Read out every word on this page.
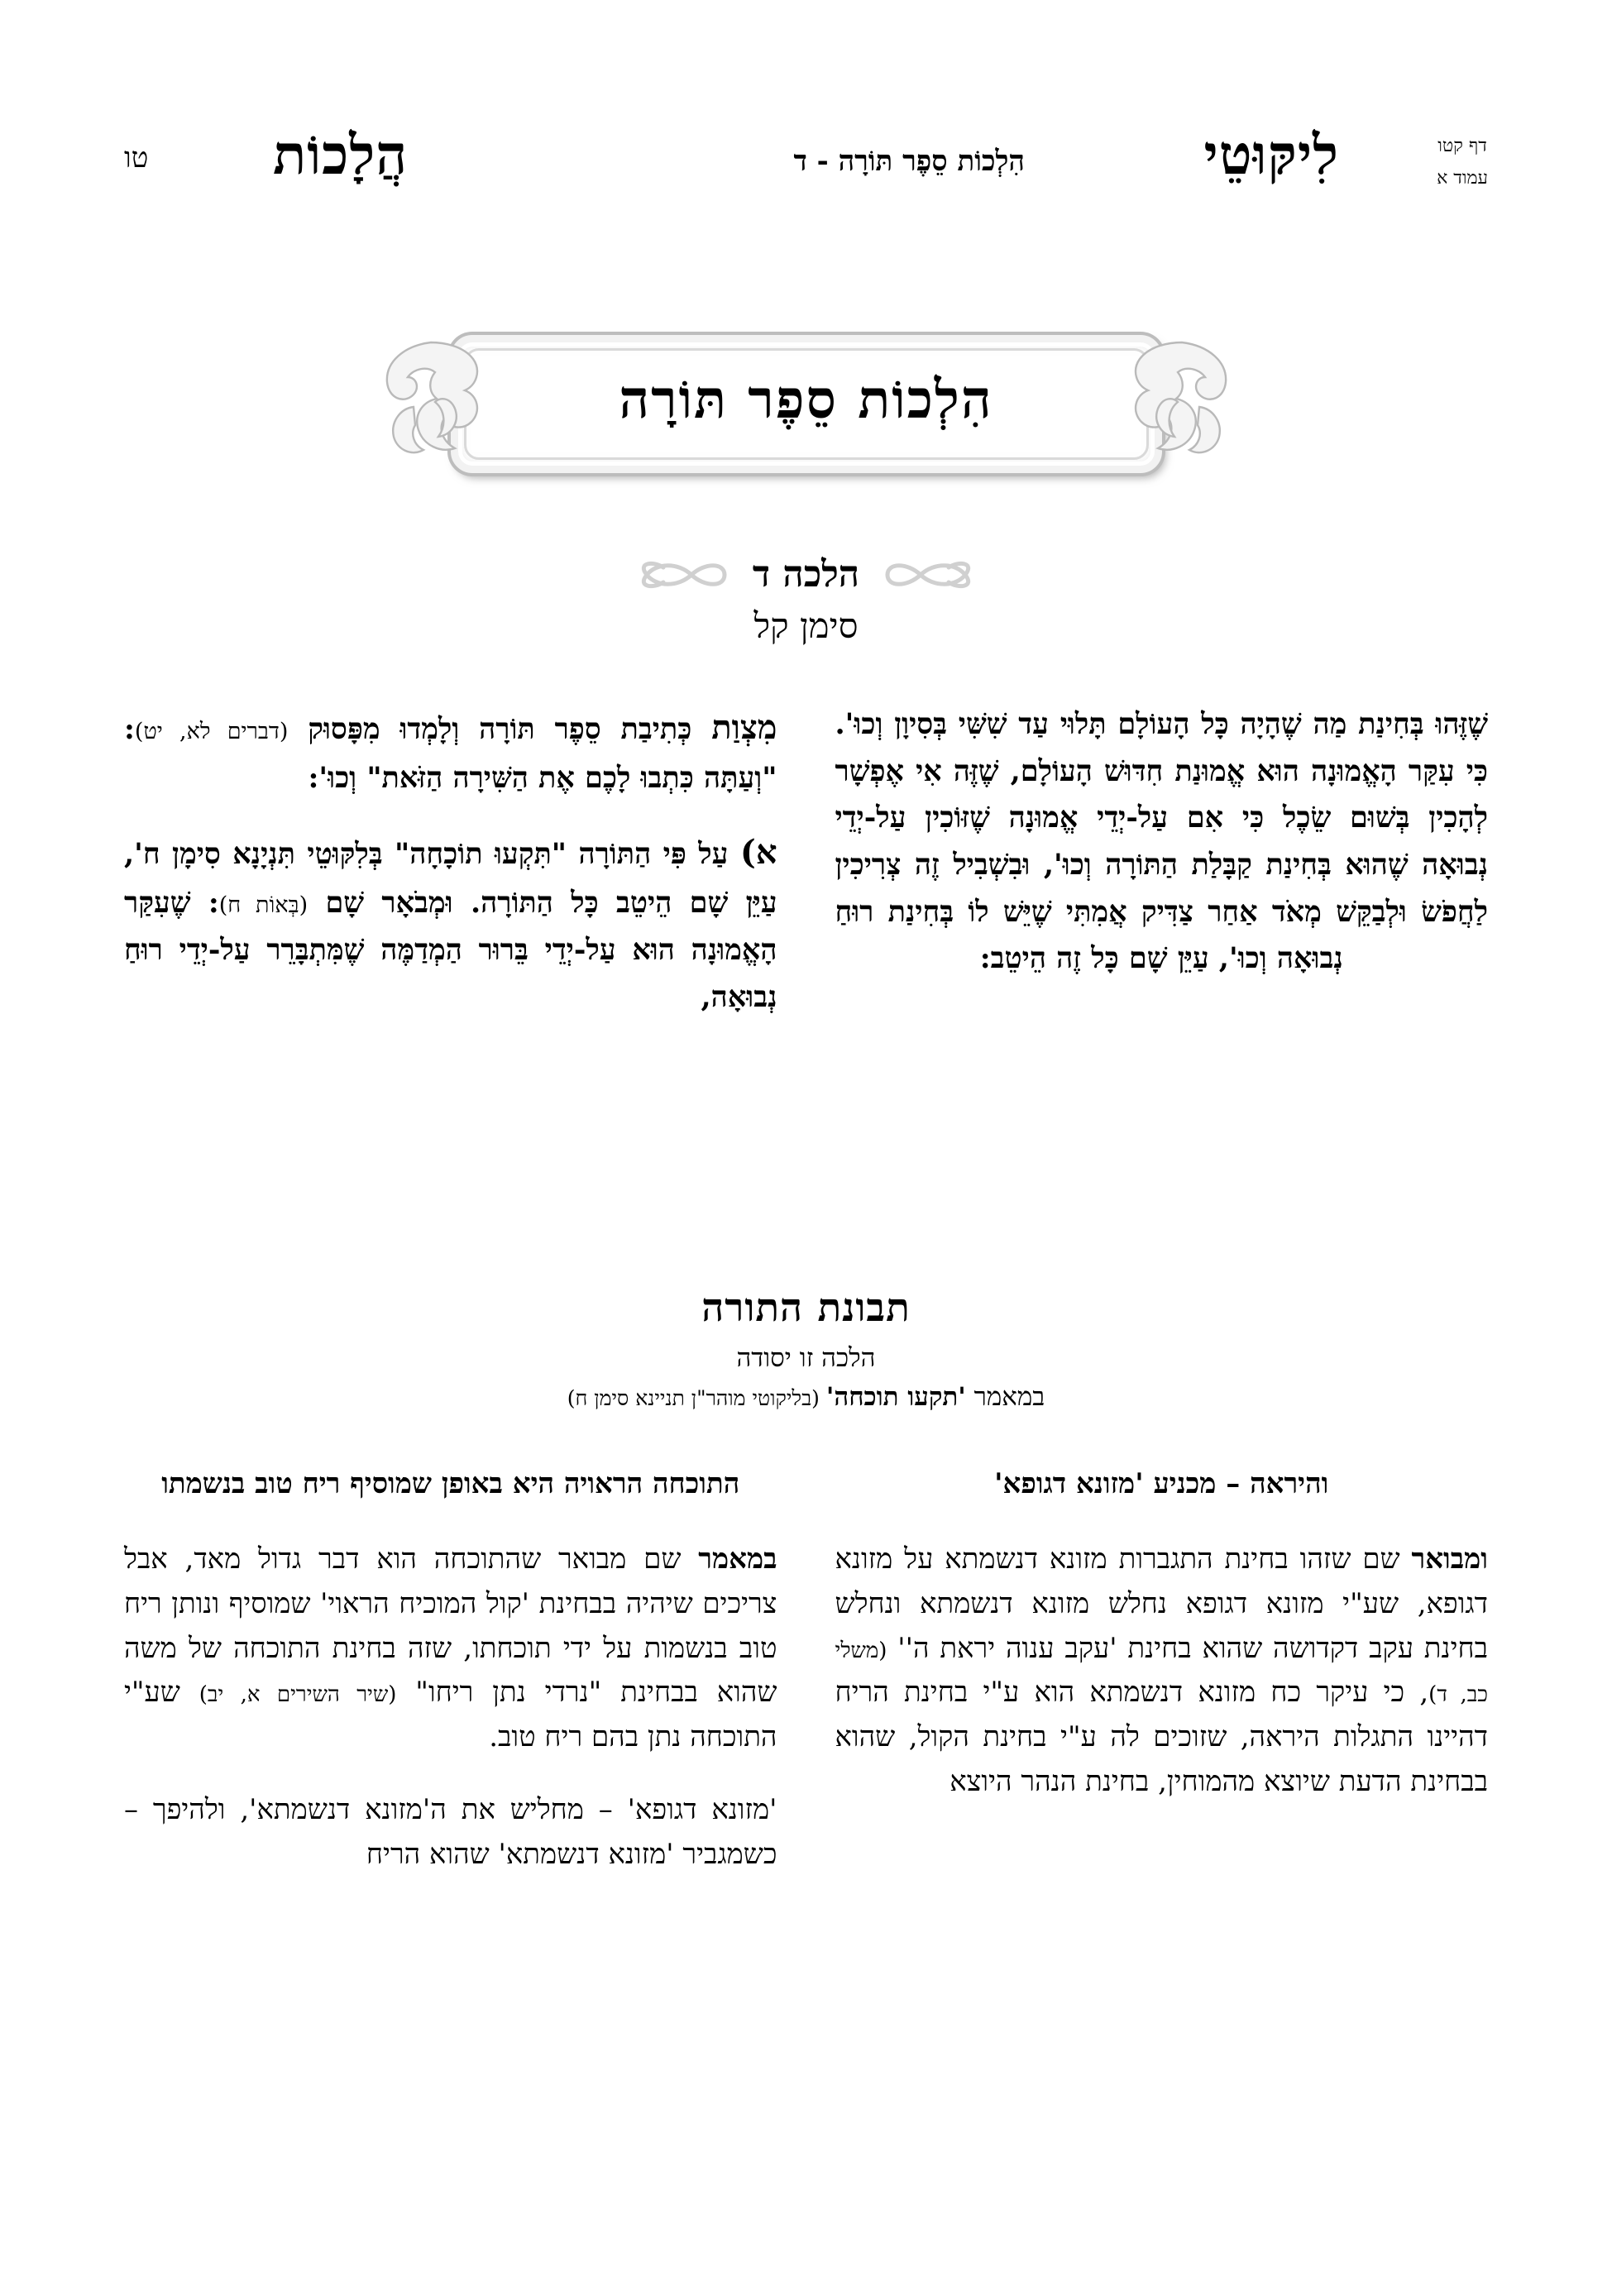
דף קטו
עמוד א
לִיקּוּטֵי
הִלְכוֹת סֵפֶר תּוֹרָה - ד
הֲלָכוֹת
טו
הִלְכוֹת סֵפֶר תּוֹרָה
הלכה ד
סימן קל

מִצְוַת כְּתִיבַת סֵפֶר תּוֹרָה וְלָמְדוּ מִפָּסוּק (דברים לא, יט): "וְעַתָּה כִּתְבוּ לָכֶם אֶת הַשִּׁירָה הַזֹּאת" וְכוּ':

א) עַל פִּי הַתּוֹרָה "תִּקְעוּ תוֹכָחָה" בְּלִקּוּטֵי תִּנְיָנָא סִימָן ח', עַיֵּן שָׁם הֵיטֵב כָּל הַתּוֹרָה. וּמְבֹאָר שָׁם (בְּאוֹת ח): שֶׁעִקַּר הָאֱמוּנָה הוּא עַל-יְדֵי בֵּרוּר הַמְדַמֶּה שֶׁמִּתְבָּרֵר עַל-יְדֵי רוּחַ נְבוּאָה,

שֶׁזֶּהוּ בְּחִינַת מַה שֶׁהָיָה כָּל הָעוֹלָם תָּלוּי עַד שִׁשִּׁי בְּסִיוָן וְכוּ'. כִּי עִקַּר הָאֱמוּנָה הוּא אֱמוּנַת חִדּוּשׁ הָעוֹלָם, שֶׁזֶּה אִי אֶפְשָׁר לְהָכִין בְּשׁוּם שֵׂכֶל כִּי אִם עַל-יְדֵי אֱמוּנָה שֶׁזּוֹכִין עַל-יְדֵי נְבוּאָה שֶׁהוּא בְּחִינַת קַבָּלַת הַתּוֹרָה וְכוּ', וּבִשְׁבִיל זֶה צְרִיכִין לַחֲפֹשׂ וּלְבַקֵּשׁ מְאֹד אַחַר צַדִּיק אֲמִתִּי שֶׁיֵּשׁ לוֹ בְּחִינַת רוּחַ נְבוּאָה וְכוּ', עַיֵּן שָׁם כָּל זֶה הֵיטֵב:

תבונת התורה
הלכה זו יסודה
במאמר 'תקעו תוכחה' (בליקוטי מוהר"ן תניינא סימן ח)

התוכחה הראויה היא באופן שמוסיף ריח טוב בנשמתו

במאמר שם מבואר שהתוכחה הוא דבר גדול מאד, אבל צריכים שיהיה בבחינת 'קול המוכיח הראוי' שמוסיף ונותן ריח טוב בנשמות על ידי תוכחתו, שזה בחינת התוכחה של משה שהוא בבחינת "נרדי נתן ריחו" (שיר השירים א, יב) שע"י התוכחה נתן בהם ריח טוב.

'מזונא דגופא' – מחליש את ה'מזונא דנשמתא', ולהיפך – כשמגביר 'מזונא דנשמתא' שהוא הריח

והיראה – מכניע 'מזונא דגופא'

ומבואר שם שזהו בחינת התגברות מזונא דנשמתא על מזונא דגופא, שע"י מזונא דגופא נחלש מזונא דנשמתא ונחלש בחינת עקב דקדושה שהוא בחינת 'עקב ענוה יראת ה'' (משלי כב, ד), כי עיקר כח מזונא דנשמתא הוא ע"י בחינת הריח דהיינו התגלות היראה, שזוכים לה ע"י בחינת הקול, שהוא בבחינת הדעת שיוצא מהמוחין, בחינת הנהר היוצא
